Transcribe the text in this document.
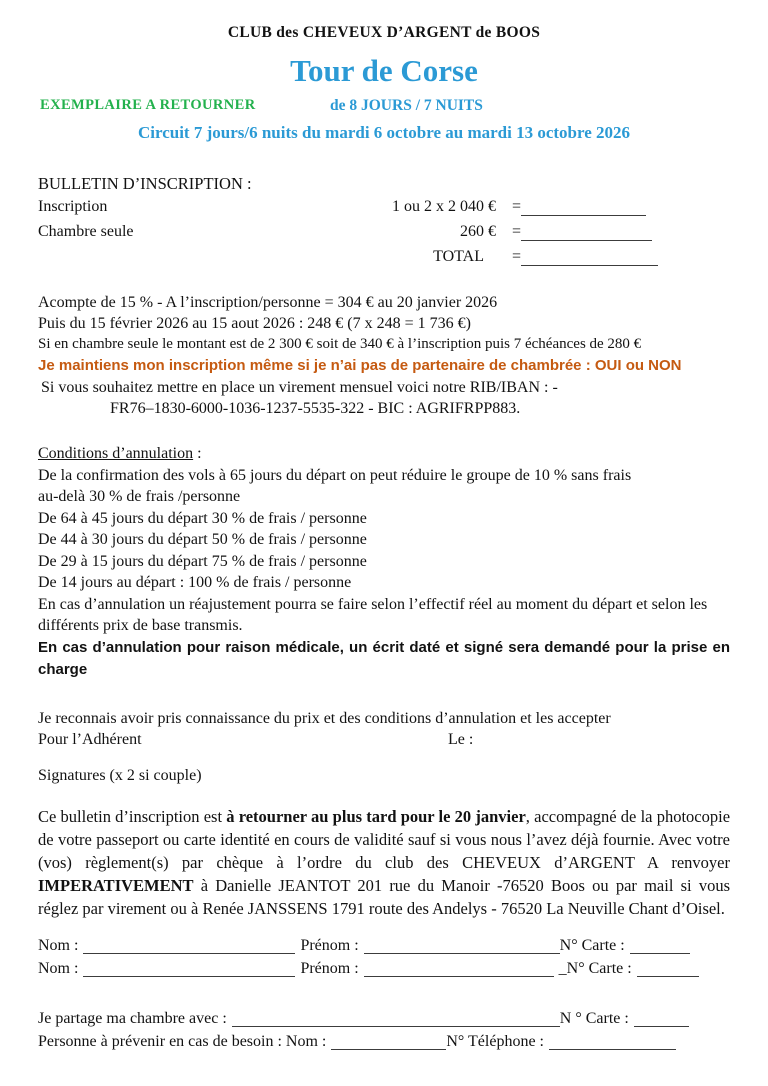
CLUB des CHEVEUX D’ARGENT de BOOS
Tour de Corse
EXEMPLAIRE A RETOURNER	de 8 JOURS / 7 NUITS
Circuit 7 jours/6 nuits du mardi 6 octobre au mardi 13 octobre 2026
BULLETIN D’INSCRIPTION :
Inscription	1 ou 2 x 2 040 € =
Chambre seule	260 € =
TOTAL	=
Acompte de 15 % - A l’inscription/personne = 304 € au 20 janvier 2026
Puis du 15 février 2026 au 15 aout 2026 : 248 € (7 x 248 = 1 736 €)
Si en chambre seule le montant est de 2 300 € soit de 340 € à l’inscription puis 7 échéances de 280 €
Je maintiens mon inscription même si je n’ai pas de partenaire de chambrée : OUI ou NON
Si vous souhaitez mettre en place un virement mensuel voici notre RIB/IBAN : -
FR76–1830-6000-1036-1237-5535-322 - BIC : AGRIFRPP883.
Conditions d’annulation :
De la confirmation des vols à 65 jours du départ on peut réduire le groupe de 10 % sans frais
au-delà 30 % de frais /personne
De 64 à 45 jours du départ 30 % de frais / personne
De 44 à 30 jours du départ 50 % de frais / personne
De 29 à 15 jours du départ 75 % de frais / personne
De 14 jours au départ : 100 % de frais / personne
En cas d’annulation un réajustement pourra se faire selon l’effectif réel au moment du départ et selon les différents prix de base transmis.
En cas d’annulation pour raison médicale, un écrit daté et signé sera demandé pour la prise en charge
Je reconnais avoir pris connaissance du prix et des conditions d’annulation et les accepter
Pour l’Adhérent	Le :
Signatures (x 2 si couple)
Ce bulletin d’inscription est à retourner au plus tard pour le 20 janvier, accompagné de la photocopie de votre passeport ou carte identité en cours de validité sauf si vous nous l’avez déjà fournie. Avec votre (vos) règlement(s) par chèque à l’ordre du club des CHEVEUX d’ARGENT A renvoyer IMPERATIVEMENT à Danielle JEANTOT 201 rue du Manoir -76520 Boos ou par mail si vous réglez par virement ou à Renée JANSSENS 1791 route des Andelys - 76520 La Neuville Chant d’Oisel.
Nom :	Prénom :	N° Carte :
Nom :	Prénom :	_N° Carte :
Je partage ma chambre avec :	N ° Carte :
Personne à prévenir en cas de besoin : Nom :	N° Téléphone :
